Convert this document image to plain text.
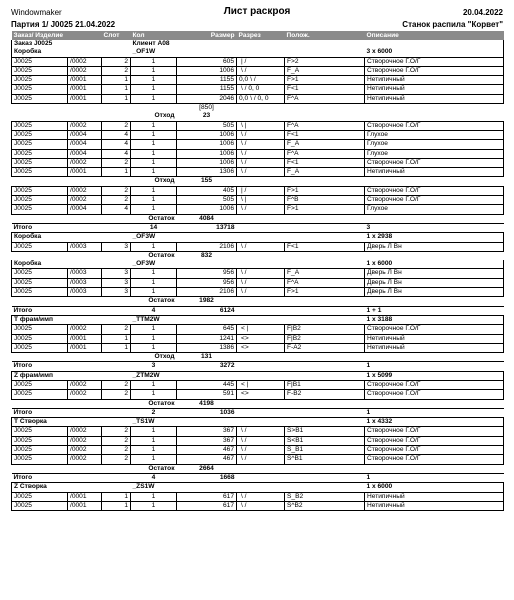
Windowmaker	Лист раскроя	20.04.2022
Партия 1/ J0025 21.04.2022	Станок распила "Корвет"
Заказ/ Изделие		Слот	Кол	Размер	Разрез	Полож.	Описание
Заказ J0025			Клиент A08				
Коробка			_OF1W				3 x 6000
J0025	/0002	2	1	605	| /	F>2	Створочное Г.О/Г
J0025	/0002	2	1	1006	\ /	F_A	Створочное Г.О/Г
J0025	/0001	1	1	1155	0,0 \ /	F>1	Нетипичный
J0025	/0001	1	1	1155	\ / 0, 0	F<1	Нетипичный
J0025	/0001	1	1	2046	0,0 \ / 0, 0	F^A	Нетипичный
				[850]			
		Отход		23			
J0025	/0002	2	1	505	\ |	F^A	Створочное Г.О/Г
J0025	/0004	4	1	1006	\ /	F<1	Глухое
J0025	/0004	4	1	1006	\ /	F_A	Глухое
J0025	/0004	4	1	1006	\ /	F^A	Глухое
J0025	/0002	2	1	1006	\ /	F<1	Створочное Г.О/Г
J0025	/0001	1	1	1306	\ /	F_A	Нетипичный
		Отход		155			
J0025	/0002	2	1	405	| /	F>1	Створочное Г.О/Г
J0025	/0002	2	1	505	\ |	F^B	Створочное Г.О/Г
J0025	/0004	4	1	1006	\ /	F>1	Глухое
		Остаток		4084			
Итого			14	13718			3
Коробка			_OF3W				1 x 2938
J0025	/0003	3	1	2106	\ /	F<1	Дверь Л Вн
		Остаток		832			
Коробка			_OF3W				1 x 6000
J0025	/0003	3	1	956	\ /	F_A	Дверь Л Вн
J0025	/0003	3	1	956	\ /	F^A	Дверь Л Вн
J0025	/0003	3	1	2106	\ /	F>1	Дверь Л Вн
		Остаток		1982			
Итого			4	6124			1 + 1
Т фрам/имп			_TTM2W				1 x 3188
J0025	/0002	2	1	645	< |	F|B2	Створочное Г.О/Г
J0025	/0001	1	1	1241	<>	F|B2	Нетипичный
J0025	/0001	1	1	1386	<>	F-A2	Нетипичный
		Отход		131			
Итого			3	3272			1
Z фрам/имп			_ZTM2W				1 x 5099
J0025	/0002	2	1	445	< |	F|B1	Створочное Г.О/Г
J0025	/0002	2	1	591	<>	F-B2	Створочное Г.О/Г
		Остаток		4198			
Итого			2	1036			1
Т Створка			_TS1W				1 x 4332
J0025	/0002	2	1	367	\ /	S>B1	Створочное Г.О/Г
J0025	/0002	2	1	367	\ /	S<B1	Створочное Г.О/Г
J0025	/0002	2	1	467	\ /	S_B1	Створочное Г.О/Г
J0025	/0002	2	1	467	\ /	S^B1	Створочное Г.О/Г
		Остаток		2664			
Итого			4	1668			1
Z Створка			_ZS1W				1 x 6000
J0025	/0001	1	1	617	\ /	S_B2	Нетипичный
J0025	/0001	1	1	617	\ /	S^B2	Нетипичный
